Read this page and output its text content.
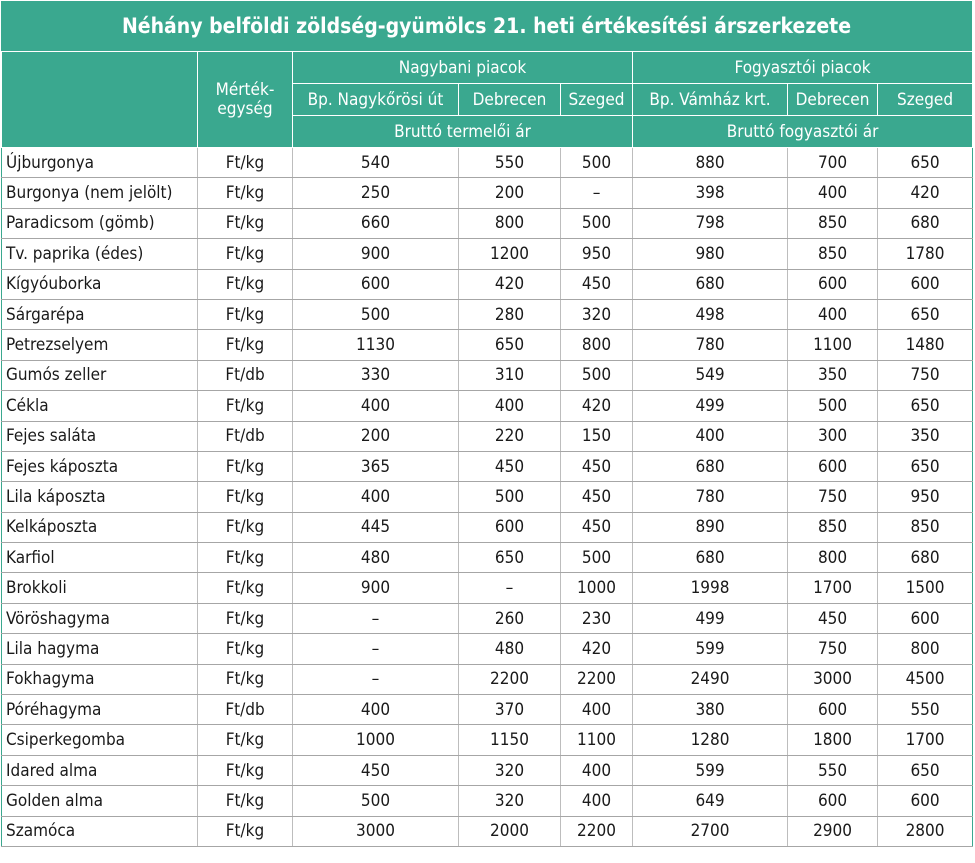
Néhány belföldi zöldség-gyümölcs 21. heti értékesítési árszerkezete
	Mérték-
egység	Nagybani piacok			Fogyasztói piacok		
		Bp. Nagykőrösi út	Debrecen	Szeged	Bp. Vámház krt.	Debrecen	Szeged
		Bruttó termelői ár			Bruttó fogyasztói ár		
Újburgonya	Ft/kg	540	550	500	880	700	650
Burgonya (nem jelölt)	Ft/kg	250	200	–	398	400	420
Paradicsom (gömb)	Ft/kg	660	800	500	798	850	680
Tv. paprika (édes)	Ft/kg	900	1200	950	980	850	1780
Kígyóuborka	Ft/kg	600	420	450	680	600	600
Sárgarépa	Ft/kg	500	280	320	498	400	650
Petrezselyem	Ft/kg	1130	650	800	780	1100	1480
Gumós zeller	Ft/db	330	310	500	549	350	750
Cékla	Ft/kg	400	400	420	499	500	650
Fejes saláta	Ft/db	200	220	150	400	300	350
Fejes káposzta	Ft/kg	365	450	450	680	600	650
Lila káposzta	Ft/kg	400	500	450	780	750	950
Kelkáposzta	Ft/kg	445	600	450	890	850	850
Karfiol	Ft/kg	480	650	500	680	800	680
Brokkoli	Ft/kg	900	–	1000	1998	1700	1500
Vöröshagyma	Ft/kg	–	260	230	499	450	600
Lila hagyma	Ft/kg	–	480	420	599	750	800
Fokhagyma	Ft/kg	–	2200	2200	2490	3000	4500
Póréhagyma	Ft/db	400	370	400	380	600	550
Csiperkegomba	Ft/kg	1000	1150	1100	1280	1800	1700
Idared alma	Ft/kg	450	320	400	599	550	650
Golden alma	Ft/kg	500	320	400	649	600	600
Szamóca	Ft/kg	3000	2000	2200	2700	2900	2800
